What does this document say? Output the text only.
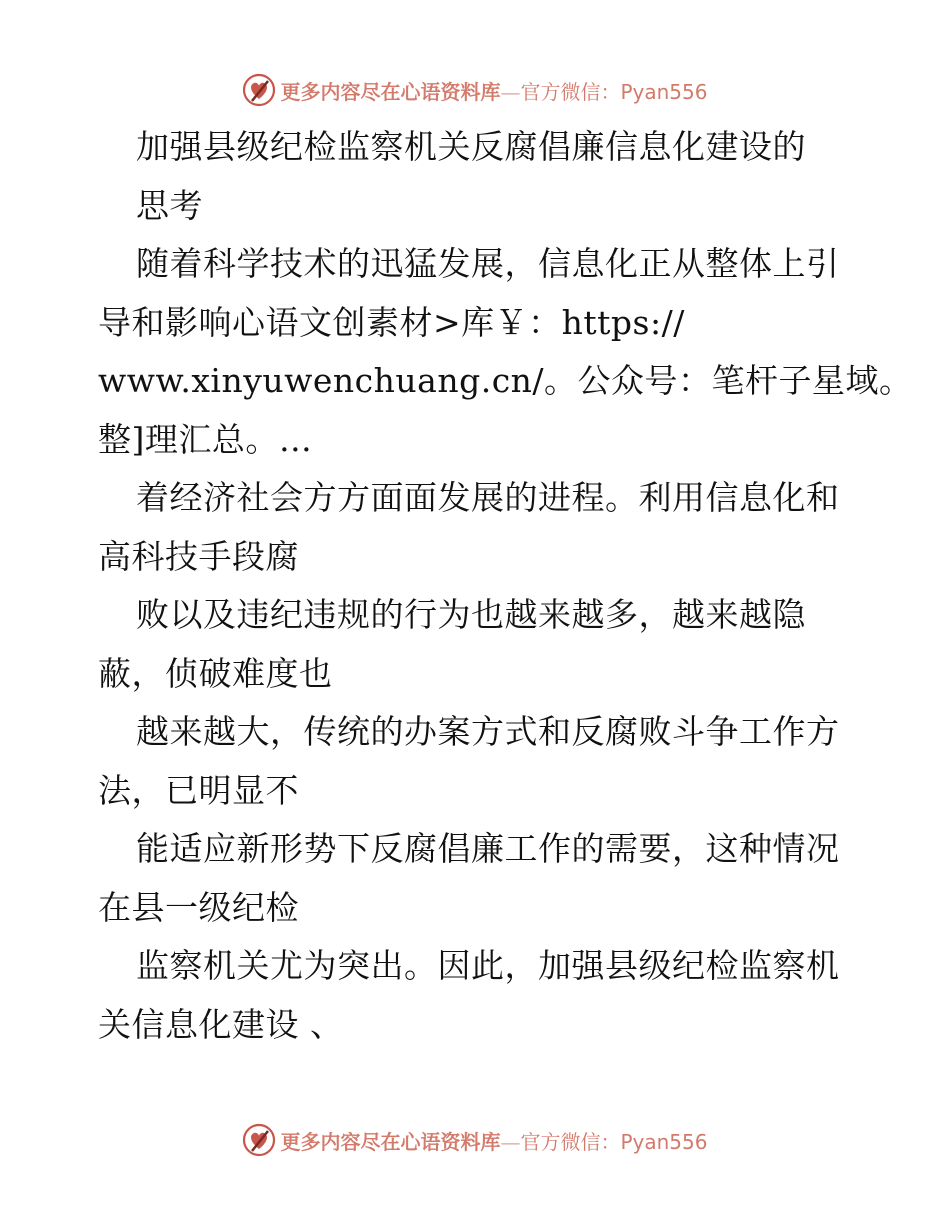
更多内容尽在心语资料库—官方微信：Pyan556
加强县级纪检监察机关反腐倡廉信息化建设的
思考
随着科学技术的迅猛发展，信息化正从整体上引
导和影响心语文创素材>库￥：https://
www.xinyuwenchuang.cn/。公众号：笔杆子星域。
整]理汇总。…
着经济社会方方面面发展的进程。利用信息化和
高科技手段腐
败以及违纪违规的行为也越来越多，越来越隐
蔽，侦破难度也
越来越大，传统的办案方式和反腐败斗争工作方
法，已明显不
能适应新形势下反腐倡廉工作的需要，这种情况
在县一级纪检
监察机关尤为突出。因此，加强县级纪检监察机
关信息化建设 、
更多内容尽在心语资料库—官方微信：Pyan556
